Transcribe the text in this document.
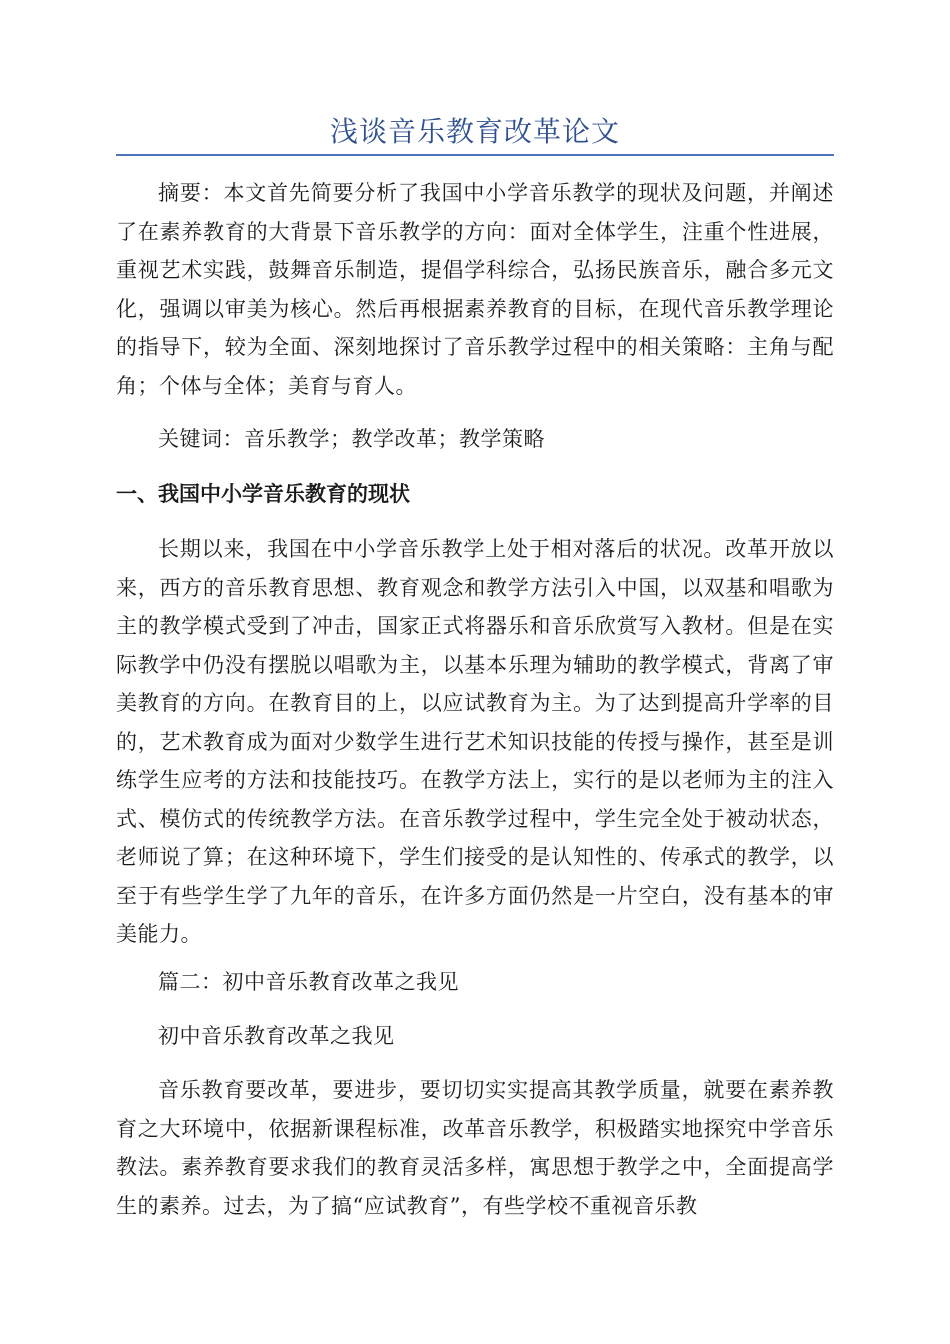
浅谈音乐教育改革论文

摘要：本文首先简要分析了我国中小学音乐教学的现状及问题，并阐述了在素养教育的大背景下音乐教学的方向：面对全体学生，注重个性进展，重视艺术实践，鼓舞音乐制造，提倡学科综合，弘扬民族音乐，融合多元文化，强调以审美为核心。然后再根据素养教育的目标，在现代音乐教学理论的指导下，较为全面、深刻地探讨了音乐教学过程中的相关策略：主角与配角；个体与全体；美育与育人。

关键词：音乐教学；教学改革；教学策略

一、我国中小学音乐教育的现状

长期以来，我国在中小学音乐教学上处于相对落后的状况。改革开放以来，西方的音乐教育思想、教育观念和教学方法引入中国，以双基和唱歌为主的教学模式受到了冲击，国家正式将器乐和音乐欣赏写入教材。但是在实际教学中仍没有摆脱以唱歌为主，以基本乐理为辅助的教学模式，背离了审美教育的方向。在教育目的上，以应试教育为主。为了达到提高升学率的目的，艺术教育成为面对少数学生进行艺术知识技能的传授与操作，甚至是训练学生应考的方法和技能技巧。在教学方法上，实行的是以老师为主的注入式、模仿式的传统教学方法。在音乐教学过程中，学生完全处于被动状态，老师说了算；在这种环境下，学生们接受的是认知性的、传承式的教学，以至于有些学生学了九年的音乐，在许多方面仍然是一片空白，没有基本的审美能力。

篇二：初中音乐教育改革之我见

初中音乐教育改革之我见

音乐教育要改革，要进步，要切切实实提高其教学质量，就要在素养教育之大环境中，依据新课程标准，改革音乐教学，积极踏实地探究中学音乐教法。素养教育要求我们的教育灵活多样，寓思想于教学之中，全面提高学生的素养。过去，为了搞“应试教育”，有些学校不重视音乐教
